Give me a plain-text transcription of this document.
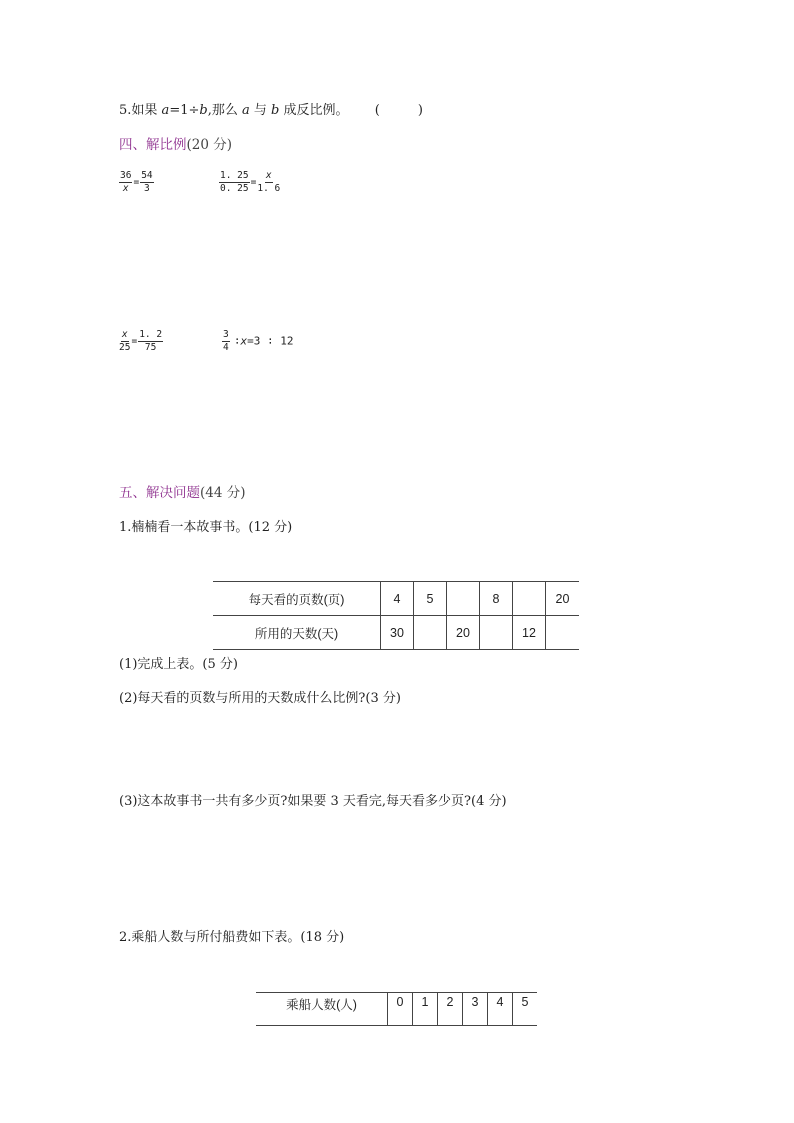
5.如果 a=1÷b,那么 a 与 b 成反比例。 (	)
四、解比例(20 分)
$\frac{36}{x} = \frac{54}{3}$	$\frac{1. 25}{0. 25} = \frac{x}{1. 6}$
$\frac{x}{25} = \frac{1. 2}{75}$	$\frac{3}{4}$ ∶x=3 ∶ 12
五、解决问题(44 分)
1.楠楠看一本故事书。(12 分)
每天看的页数(页)	4	5		8		20
所用的天数(天)	30		20		12	
(1)完成上表。(5 分)
(2)每天看的页数与所用的天数成什么比例?(3 分)
(3)这本故事书一共有多少页?如果要 3 天看完,每天看多少页?(4 分)
2.乘船人数与所付船费如下表。(18 分)
乘船人数(人)	0	1	2	3	4	5
